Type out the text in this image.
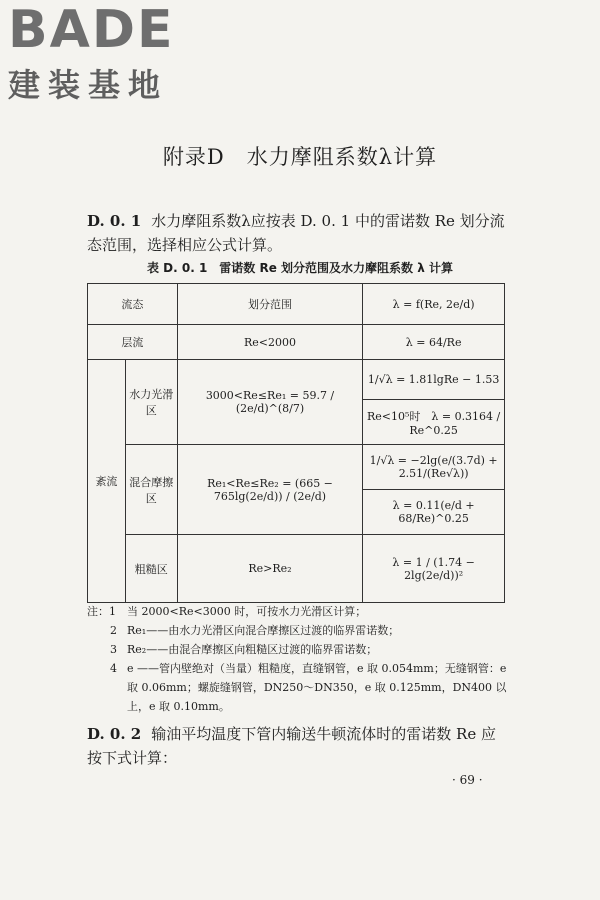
BADE
建装基地
附录D　水力摩阻系数λ计算
D. 0. 1 水力摩阻系数λ应按表 D. 0. 1 中的雷诺数 Re 划分流态范围，选择相应公式计算。
表 D. 0. 1　雷诺数 Re 划分范围及水力摩阻系数 λ 计算
流态		划分范围	λ = f(Re, 2e/d)
层流		Re<2000	λ = 64/Re
紊流	水力光滑区	3000<Re≤Re₁ = 59.7 / (2e/d)^(8/7)	1/√λ = 1.81lgRe − 1.53
			Re<10⁵时　λ = 0.3164 / Re^0.25
	混合摩擦区	Re₁<Re≤Re₂ = (665 − 765lg(2e/d)) / (2e/d)	1/√λ = −2lg(e/(3.7d) + 2.51/(Re√λ))
			λ = 0.11(e/d + 68/Re)^0.25
	粗糙区	Re>Re₂	λ = 1 / (1.74 − 2lg(2e/d))²
注：1	当 2000<Re<3000 时，可按水力光滑区计算；
2 Re₁——由水力光滑区向混合摩擦区过渡的临界雷诺数；
3 Re₂——由混合摩擦区向粗糙区过渡的临界雷诺数；
4 e ——管内壁绝对（当量）粗糙度，直缝钢管，e 取 0.054mm；无缝钢管：e 取 0.06mm；螺旋缝钢管，DN250～DN350，e 取 0.125mm，DN400 以上，e 取 0.10mm。
D. 0. 2 输油平均温度下管内输送牛顿流体时的雷诺数 Re 应按下式计算：
· 69 ·
